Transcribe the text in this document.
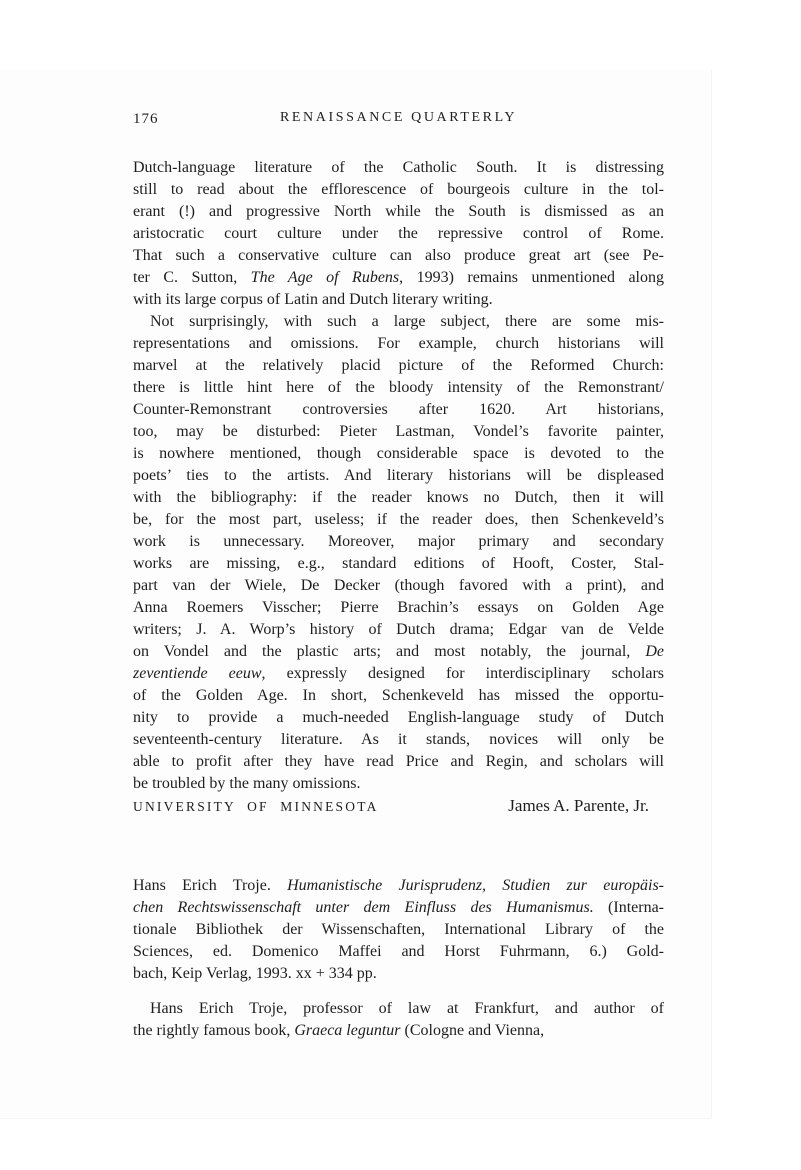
176	RENAISSANCE QUARTERLY
Dutch-language literature of the Catholic South. It is distressing
still to read about the efflorescence of bourgeois culture in the tol-
erant (!) and progressive North while the South is dismissed as an
aristocratic court culture under the repressive control of Rome.
That such a conservative culture can also produce great art (see Pe-
ter C. Sutton, The Age of Rubens, 1993) remains unmentioned along
with its large corpus of Latin and Dutch literary writing.
Not surprisingly, with such a large subject, there are some mis-
representations and omissions. For example, church historians will
marvel at the relatively placid picture of the Reformed Church:
there is little hint here of the bloody intensity of the Remonstrant/
Counter-Remonstrant controversies after 1620. Art historians,
too, may be disturbed: Pieter Lastman, Vondel’s favorite painter,
is nowhere mentioned, though considerable space is devoted to the
poets’ ties to the artists. And literary historians will be displeased
with the bibliography: if the reader knows no Dutch, then it will
be, for the most part, useless; if the reader does, then Schenkeveld’s
work is unnecessary. Moreover, major primary and secondary
works are missing, e.g., standard editions of Hooft, Coster, Stal-
part van der Wiele, De Decker (though favored with a print), and
Anna Roemers Visscher; Pierre Brachin’s essays on Golden Age
writers; J. A. Worp’s history of Dutch drama; Edgar van de Velde
on Vondel and the plastic arts; and most notably, the journal, De
zeventiende eeuw, expressly designed for interdisciplinary scholars
of the Golden Age. In short, Schenkeveld has missed the opportu-
nity to provide a much-needed English-language study of Dutch
seventeenth-century literature. As it stands, novices will only be
able to profit after they have read Price and Regin, and scholars will
be troubled by the many omissions.
UNIVERSITY OF MINNESOTA	James A. Parente, Jr.
Hans Erich Troje. Humanistische Jurisprudenz, Studien zur europäis-
chen Rechtswissenschaft unter dem Einfluss des Humanismus. (Interna-
tionale Bibliothek der Wissenschaften, International Library of the
Sciences, ed. Domenico Maffei and Horst Fuhrmann, 6.) Gold-
bach, Keip Verlag, 1993. xx + 334 pp.
Hans Erich Troje, professor of law at Frankfurt, and author of
the rightly famous book, Graeca leguntur (Cologne and Vienna,
